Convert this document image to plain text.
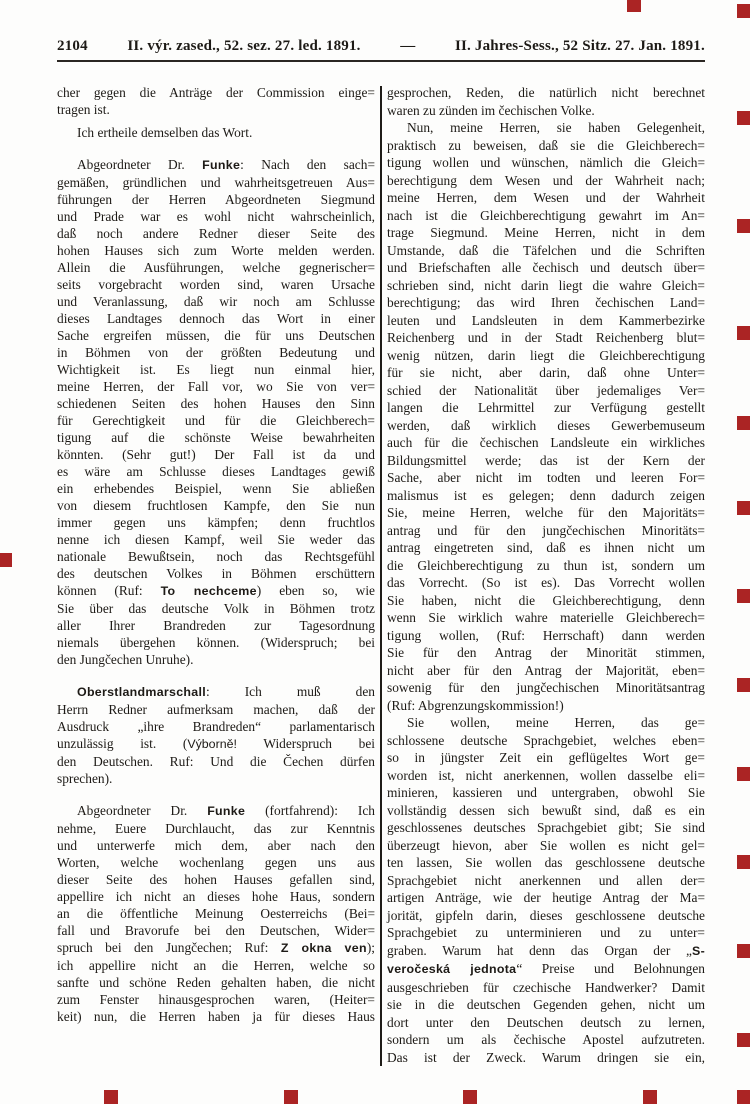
2104	II. výr. zased., 52. sez. 27. led. 1891.	—	II. Jahres-Sess., 52 Sitz. 27. Jan. 1891.
cher gegen die Anträge der Commission einge=
tragen ist.
Ich ertheile demselben das Wort.
Abgeordneter Dr. Funke: Nach den sach=
gemäßen, gründlichen und wahrheitsgetreuen Aus=
führungen der Herren Abgeordneten Siegmund
und Prade war es wohl nicht wahrscheinlich,
daß noch andere Redner dieser Seite des
hohen Hauses sich zum Worte melden werden.
Allein die Ausführungen, welche gegnerischer=
seits vorgebracht worden sind, waren Ursache
und Veranlassung, daß wir noch am Schlusse
dieses Landtages dennoch das Wort in einer
Sache ergreifen müssen, die für uns Deutschen
in Böhmen von der größten Bedeutung und
Wichtigkeit ist. Es liegt nun einmal hier,
meine Herren, der Fall vor, wo Sie von ver=
schiedenen Seiten des hohen Hauses den Sinn
für Gerechtigkeit und für die Gleichberech=
tigung auf die schönste Weise bewahrheiten
könnten. (Sehr gut!) Der Fall ist da und
es wäre am Schlusse dieses Landtages gewiß
ein erhebendes Beispiel, wenn Sie abließen
von diesem fruchtlosen Kampfe, den Sie nun
immer gegen uns kämpfen; denn fruchtlos
nenne ich diesen Kampf, weil Sie weder das
nationale Bewußtsein, noch das Rechtsgefühl
des deutschen Volkes in Böhmen erschüttern
können (Ruf: To nechceme) eben so, wie
Sie über das deutsche Volk in Böhmen trotz
aller Ihrer Brandreden zur Tagesordnung
niemals übergehen können. (Widerspruch; bei
den Jungčechen Unruhe).
Oberstlandmarschall: Ich muß den
Herrn Redner aufmerksam machen, daß der
Ausdruck „ihre Brandreden“ parlamentarisch
unzulässig ist. (Výborně! Widerspruch bei
den Deutschen. Ruf: Und die Čechen dürfen
sprechen).
Abgeordneter Dr. Funke (fortfahrend): Ich
nehme, Euere Durchlaucht, das zur Kenntnis
und unterwerfe mich dem, aber nach den
Worten, welche wochenlang gegen uns aus
dieser Seite des hohen Hauses gefallen sind,
appellire ich nicht an dieses hohe Haus, sondern
an die öffentliche Meinung Oesterreichs (Bei=
fall und Bravorufe bei den Deutschen, Wider=
spruch bei den Jungčechen; Ruf: Z okna ven);
ich appellire nicht an die Herren, welche so
sanfte und schöne Reden gehalten haben, die nicht
zum Fenster hinausgesprochen waren, (Heiter=
keit) nun, die Herren haben ja für dieses Haus
gesprochen, Reden, die natürlich nicht berechnet
waren zu zünden im čechischen Volke.
Nun, meine Herren, sie haben Gelegenheit,
praktisch zu beweisen, daß sie die Gleichberech=
tigung wollen und wünschen, nämlich die Gleich=
berechtigung dem Wesen und der Wahrheit nach;
meine Herren, dem Wesen und der Wahrheit
nach ist die Gleichberechtigung gewahrt im An=
trage Siegmund. Meine Herren, nicht in dem
Umstande, daß die Täfelchen und die Schriften
und Briefschaften alle čechisch und deutsch über=
schrieben sind, nicht darin liegt die wahre Gleich=
berechtigung; das wird Ihren čechischen Land=
leuten und Landsleuten in dem Kammerbezirke
Reichenberg und in der Stadt Reichenberg blut=
wenig nützen, darin liegt die Gleichberechtigung
für sie nicht, aber darin, daß ohne Unter=
schied der Nationalität über jedemaliges Ver=
langen die Lehrmittel zur Verfügung gestellt
werden, daß wirklich dieses Gewerbemuseum
auch für die čechischen Landsleute ein wirkliches
Bildungsmittel werde; das ist der Kern der
Sache, aber nicht im todten und leeren For=
malismus ist es gelegen; denn dadurch zeigen
Sie, meine Herren, welche für den Majoritäts=
antrag und für den jungčechischen Minoritäts=
antrag eingetreten sind, daß es ihnen nicht um
die Gleichberechtigung zu thun ist, sondern um
das Vorrecht. (So ist es). Das Vorrecht wollen
Sie haben, nicht die Gleichberechtigung, denn
wenn Sie wirklich wahre materielle Gleichberech=
tigung wollen, (Ruf: Herrschaft) dann werden
Sie für den Antrag der Minorität stimmen,
nicht aber für den Antrag der Majorität, eben=
sowenig für den jungčechischen Minoritätsantrag
(Ruf: Abgrenzungskommission!)
Sie wollen, meine Herren, das ge=
schlossene deutsche Sprachgebiet, welches eben=
so in jüngster Zeit ein geflügeltes Wort ge=
worden ist, nicht anerkennen, wollen dasselbe eli=
minieren, kassieren und untergraben, obwohl Sie
vollständig dessen sich bewußt sind, daß es ein
geschlossenes deutsches Sprachgebiet gibt; Sie sind
überzeugt hievon, aber Sie wollen es nicht gel=
ten lassen, Sie wollen das geschlossene deutsche
Sprachgebiet nicht anerkennen und allen der=
artigen Anträge, wie der heutige Antrag der Ma=
jorität, gipfeln darin, dieses geschlossene deutsche
Sprachgebiet zu unterminieren und zu unter=
graben. Warum hat denn das Organ der „S-
veročeská jednota“ Preise und Belohnungen
ausgeschrieben für czechische Handwerker? Damit
sie in die deutschen Gegenden gehen, nicht um
dort unter den Deutschen deutsch zu lernen,
sondern um als čechische Apostel aufzutreten.
Das ist der Zweck. Warum dringen sie ein,
